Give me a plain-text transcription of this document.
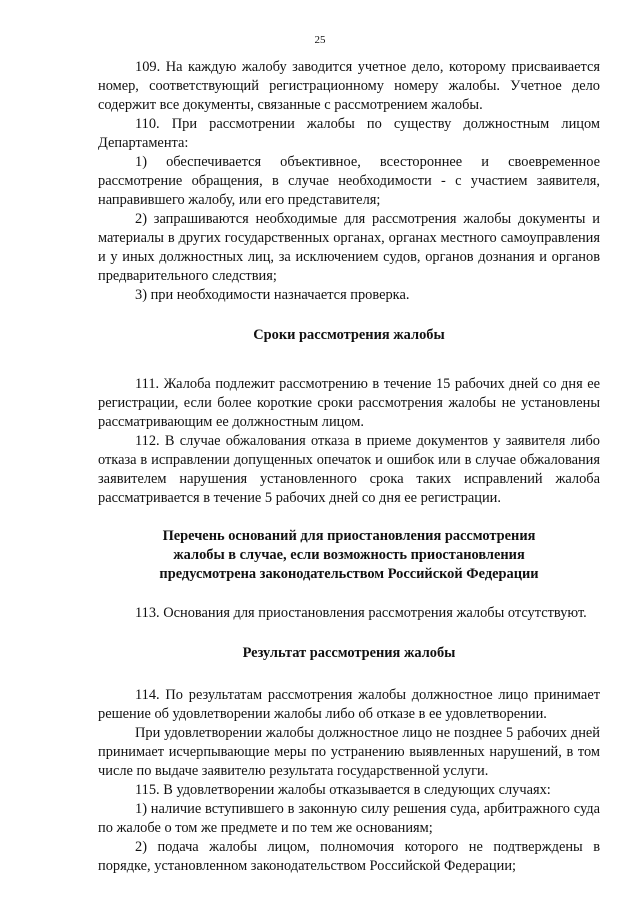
25

109. На каждую жалобу заводится учетное дело, которому присваивается номер, соответствующий регистрационному номеру жалобы. Учетное дело содержит все документы, связанные с рассмотрением жалобы.

110. При рассмотрении жалобы по существу должностным лицом Департамента:

1) обеспечивается объективное, всестороннее и своевременное рассмотрение обращения, в случае необходимости - с участием заявителя, направившего жалобу, или его представителя;

2) запрашиваются необходимые для рассмотрения жалобы документы и материалы в других государственных органах, органах местного самоуправления и у иных должностных лиц, за исключением судов, органов дознания и органов предварительного следствия;

3) при необходимости назначается проверка.

Сроки рассмотрения жалобы

111. Жалоба подлежит рассмотрению в течение 15 рабочих дней со дня ее регистрации, если более короткие сроки рассмотрения жалобы не установлены рассматривающим ее должностным лицом.

112. В случае обжалования отказа в приеме документов у заявителя либо отказа в исправлении допущенных опечаток и ошибок или в случае обжалования заявителем нарушения установленного срока таких исправлений жалоба рассматривается в течение 5 рабочих дней со дня ее регистрации.

Перечень оснований для приостановления рассмотрения
жалобы в случае, если возможность приостановления
предусмотрена законодательством Российской Федерации

113. Основания для приостановления рассмотрения жалобы отсутствуют.

Результат рассмотрения жалобы

114. По результатам рассмотрения жалобы должностное лицо принимает решение об удовлетворении жалобы либо об отказе в ее удовлетворении.

При удовлетворении жалобы должностное лицо не позднее 5 рабочих дней принимает исчерпывающие меры по устранению выявленных нарушений, в том числе по выдаче заявителю результата государственной услуги.

115. В удовлетворении жалобы отказывается в следующих случаях:

1) наличие вступившего в законную силу решения суда, арбитражного суда по жалобе о том же предмете и по тем же основаниям;

2) подача жалобы лицом, полномочия которого не подтверждены в порядке, установленном законодательством Российской Федерации;
